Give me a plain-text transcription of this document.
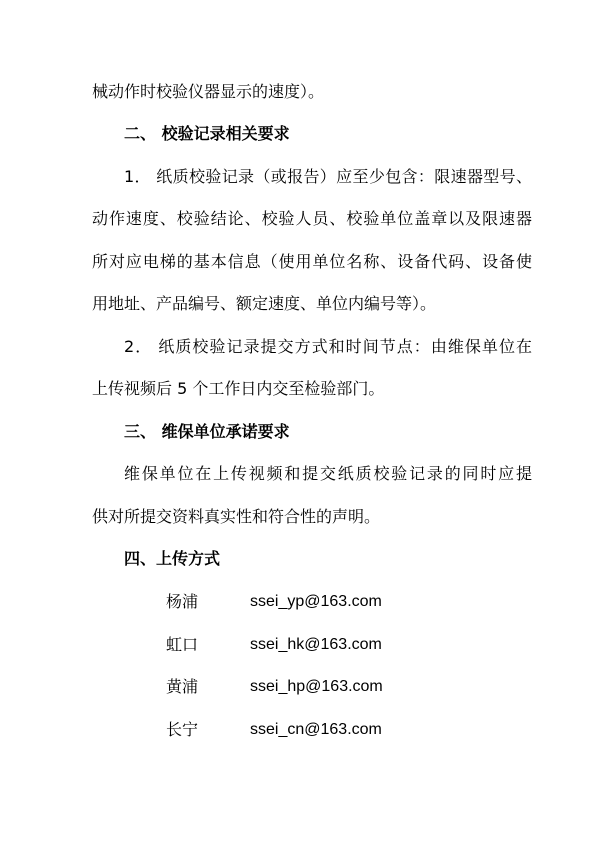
械动作时校验仪器显示的速度）。
二、 校验记录相关要求
1． 纸质校验记录（或报告）应至少包含：限速器型号、
动作速度、校验结论、校验人员、校验单位盖章以及限速器
所对应电梯的基本信息（使用单位名称、设备代码、设备使
用地址、产品编号、额定速度、单位内编号等）。
2． 纸质校验记录提交方式和时间节点：由维保单位在
上传视频后 5 个工作日内交至检验部门。
三、 维保单位承诺要求
维保单位在上传视频和提交纸质校验记录的同时应提
供对所提交资料真实性和符合性的声明。
四、上传方式
杨浦	ssei_yp@163.com
虹口	ssei_hk@163.com
黄浦	ssei_hp@163.com
长宁	ssei_cn@163.com
